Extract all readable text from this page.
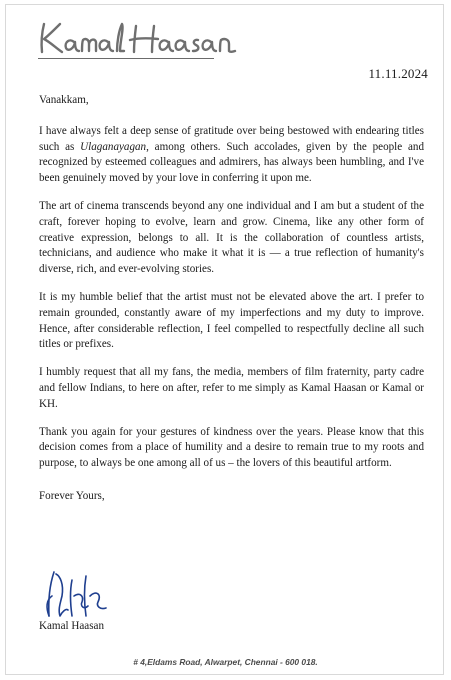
11.11.2024

Vanakkam,

I have always felt a deep sense of gratitude over being bestowed with endearing titles such as Ulaganayagan, among others. Such accolades, given by the people and recognized by esteemed colleagues and admirers, has always been humbling, and I've been genuinely moved by your love in conferring it upon me.

The art of cinema transcends beyond any one individual and I am but a student of the craft, forever hoping to evolve, learn and grow. Cinema, like any other form of creative expression, belongs to all. It is the collaboration of countless artists, technicians, and audience who make it what it is — a true reflection of humanity's diverse, rich, and ever-evolving stories.

It is my humble belief that the artist must not be elevated above the art. I prefer to remain grounded, constantly aware of my imperfections and my duty to improve. Hence, after considerable reflection, I feel compelled to respectfully decline all such titles or prefixes.

I humbly request that all my fans, the media, members of film fraternity, party cadre and fellow Indians, to here on after, refer to me simply as Kamal Haasan or Kamal or KH.

Thank you again for your gestures of kindness over the years. Please know that this decision comes from a place of humility and a desire to remain true to my roots and purpose, to always be one among all of us – the lovers of this beautiful artform.

Forever Yours,

Kamal Haasan
# 4,Eldams Road, Alwarpet, Chennai - 600 018.
